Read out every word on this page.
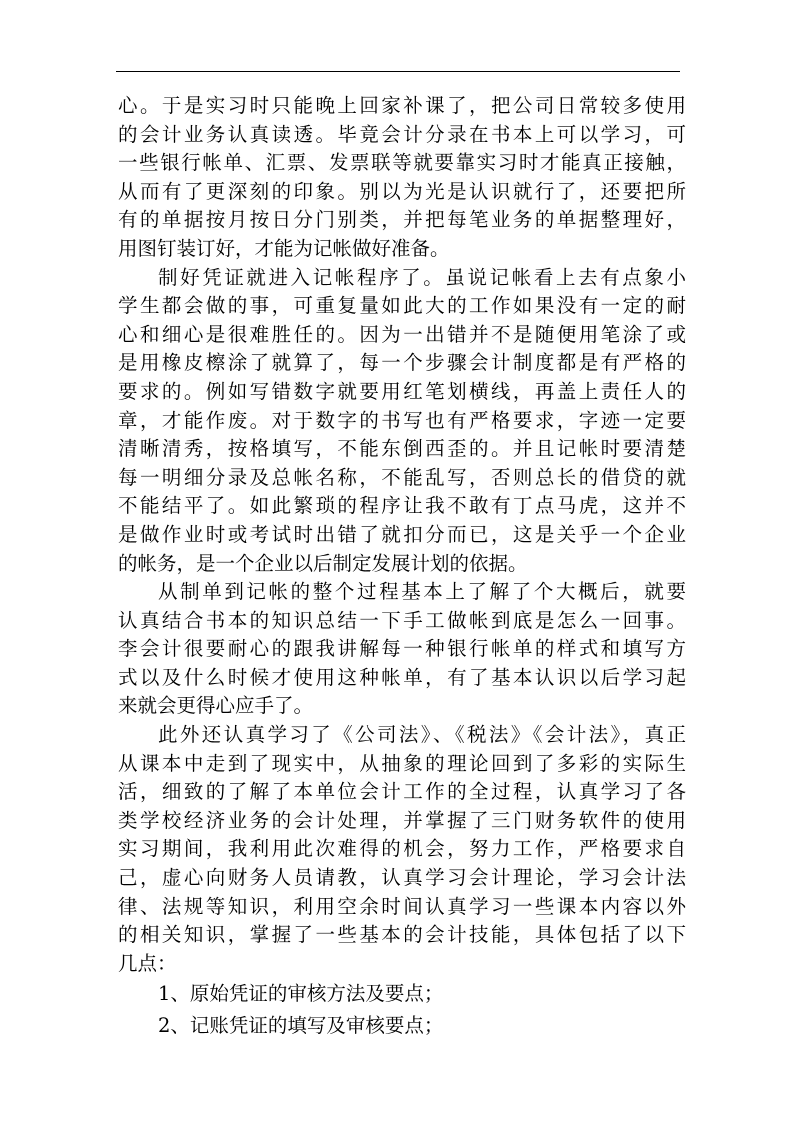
心。于是实习时只能晚上回家补课了，把公司日常较多使用
的会计业务认真读透。毕竟会计分录在书本上可以学习，可
一些银行帐单、汇票、发票联等就要靠实习时才能真正接触，
从而有了更深刻的印象。别以为光是认识就行了，还要把所
有的单据按月按日分门别类，并把每笔业务的单据整理好，
用图钉装订好，才能为记帐做好准备。
制好凭证就进入记帐程序了。虽说记帐看上去有点象小
学生都会做的事，可重复量如此大的工作如果没有一定的耐
心和细心是很难胜任的。因为一出错并不是随便用笔涂了或
是用橡皮檫涂了就算了，每一个步骤会计制度都是有严格的
要求的。例如写错数字就要用红笔划横线，再盖上责任人的
章，才能作废。对于数字的书写也有严格要求，字迹一定要
清晰清秀，按格填写，不能东倒西歪的。并且记帐时要清楚
每一明细分录及总帐名称，不能乱写，否则总长的借贷的就
不能结平了。如此繁琐的程序让我不敢有丁点马虎，这并不
是做作业时或考试时出错了就扣分而已，这是关乎一个企业
的帐务，是一个企业以后制定发展计划的依据。
从制单到记帐的整个过程基本上了解了个大概后，就要
认真结合书本的知识总结一下手工做帐到底是怎么一回事。
李会计很要耐心的跟我讲解每一种银行帐单的样式和填写方
式以及什么时候才使用这种帐单，有了基本认识以后学习起
来就会更得心应手了。
此外还认真学习了《公司法》、《税法》《会计法》，真正
从课本中走到了现实中，从抽象的理论回到了多彩的实际生
活，细致的了解了本单位会计工作的全过程，认真学习了各
类学校经济业务的会计处理，并掌握了三门财务软件的使用
实习期间，我利用此次难得的机会，努力工作，严格要求自
己，虚心向财务人员请教，认真学习会计理论，学习会计法
律、法规等知识，利用空余时间认真学习一些课本内容以外
的相关知识，掌握了一些基本的会计技能，具体包括了以下
几点：
1、原始凭证的审核方法及要点；
2、记账凭证的填写及审核要点；
